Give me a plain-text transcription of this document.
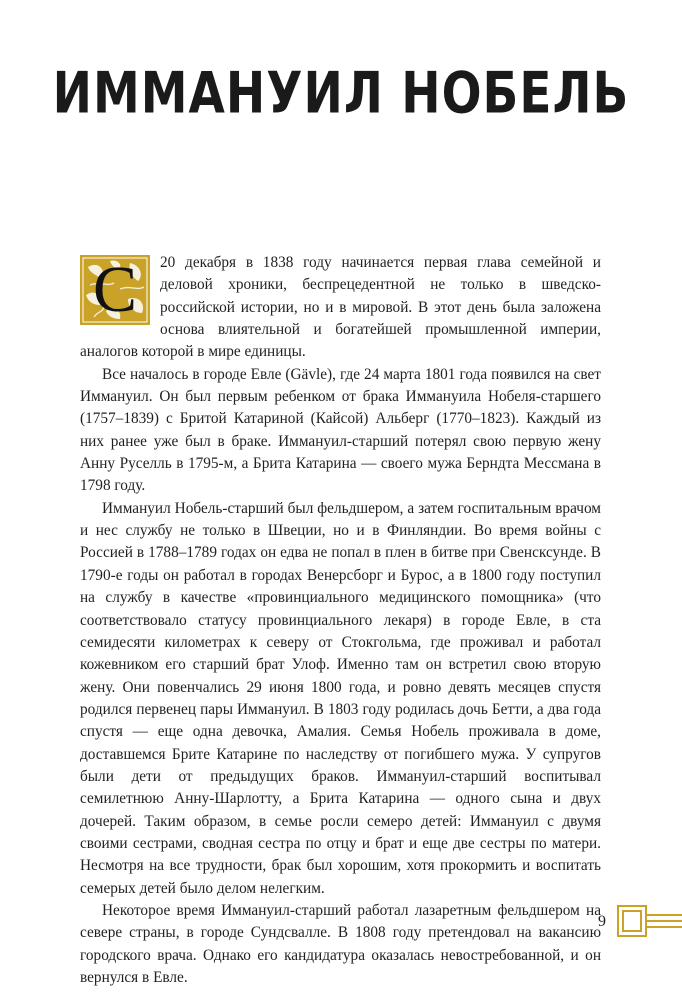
ИММАНУИЛ НОБЕЛЬ
С	20 декабря в 1838 году начинается первая глава семейной и деловой хроники, беспрецедентной не только в шведско-российской истории, но и в мировой. В этот день была заложена основа влиятельной и богатейшей промышленной империи, аналогов которой в мире единицы.

Все началось в городе Евле (Gävle), где 24 марта 1801 года появился на свет Иммануил. Он был первым ребенком от брака Иммануила Нобеля-старшего (1757–1839) с Бритой Катариной (Кайсой) Альберг (1770–1823). Каждый из них ранее уже был в браке. Иммануил-старший потерял свою первую жену Анну Руселль в 1795-м, а Брита Катарина — своего мужа Берндта Мессмана в 1798 году.

Иммануил Нобель-старший был фельдшером, а затем госпитальным врачом и нес службу не только в Швеции, но и в Финляндии. Во время войны с Россией в 1788–1789 годах он едва не попал в плен в битве при Свенсксунде. В 1790-е годы он работал в городах Венерсборг и Бурос, а в 1800 году поступил на службу в качестве «провинциального медицинского помощника» (что соответствовало статусу провинциального лекаря) в городе Евле, в ста семидесяти километрах к северу от Стокгольма, где проживал и работал кожевником его старший брат Улоф. Именно там он встретил свою вторую жену. Они повенчались 29 июня 1800 года, и ровно девять месяцев спустя родился первенец пары Иммануил. В 1803 году родилась дочь Бетти, а два года спустя — еще одна девочка, Амалия. Семья Нобель проживала в доме, доставшемся Брите Катарине по наследству от погибшего мужа. У супругов были дети от предыдущих браков. Иммануил-старший воспитывал семилетнюю Анну-Шарлотту, а Брита Катарина — одного сына и двух дочерей. Таким образом, в семье росли семеро детей: Иммануил с двумя своими сестрами, сводная сестра по отцу и брат и еще две сестры по матери. Несмотря на все трудности, брак был хорошим, хотя прокормить и воспитать семерых детей было делом нелегким.

Некоторое время Иммануил-старший работал лазаретным фельдшером на севере страны, в городе Сундсвалле. В 1808 году претендовал на вакансию городского врача. Однако его кандидатура оказалась невостребованной, и он вернулся в Евле.

9
